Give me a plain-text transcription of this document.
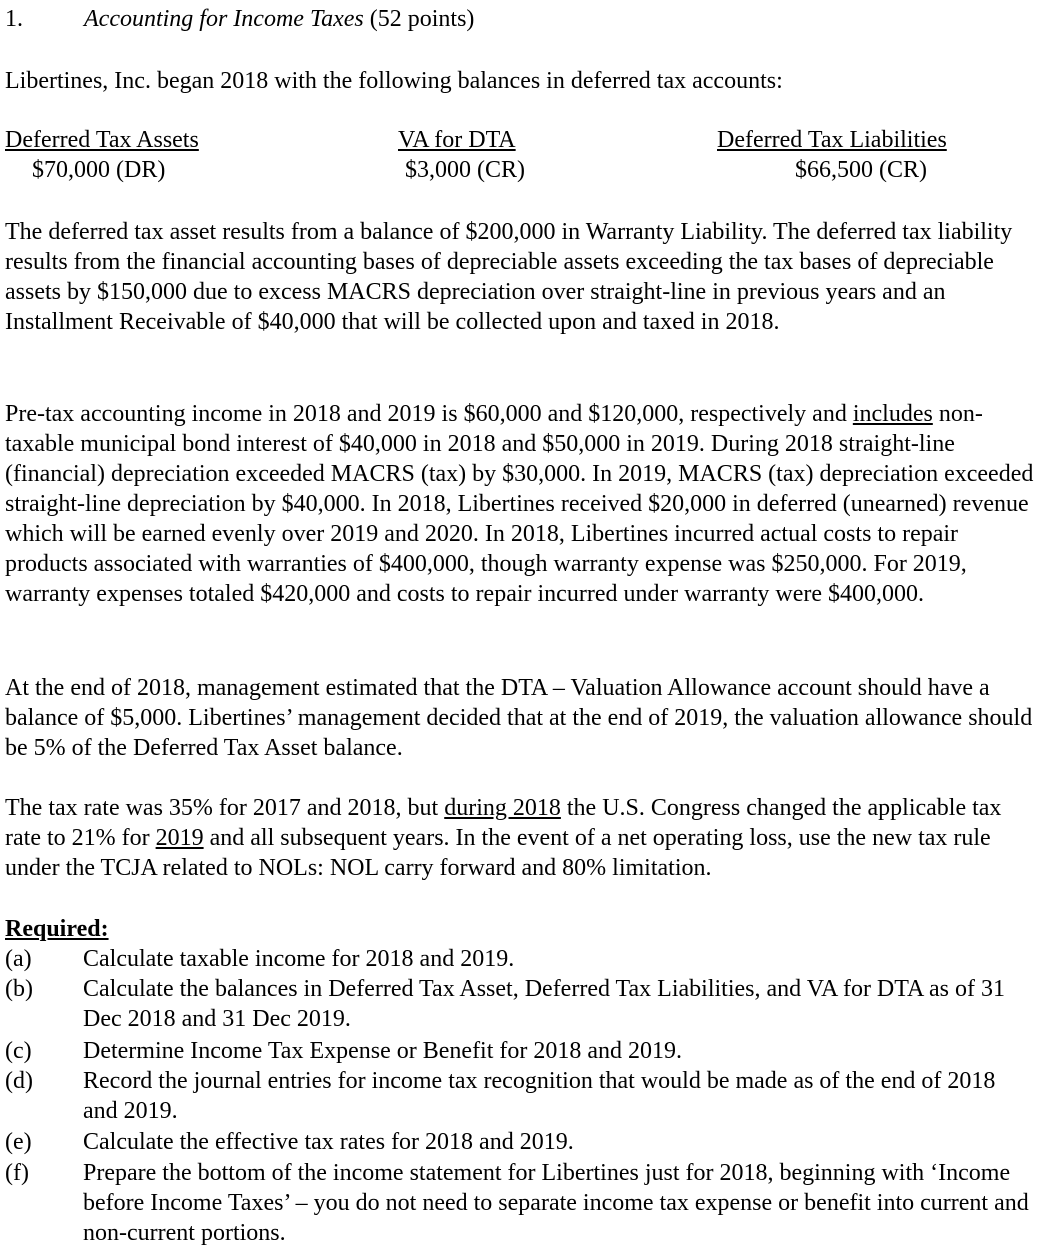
1.	Accounting for Income Taxes (52 points)
Libertines, Inc. began 2018 with the following balances in deferred tax accounts:
Deferred Tax Assets
$70,000 (DR)
VA for DTA
$3,000 (CR)
Deferred Tax Liabilities
$66,500 (CR)
The deferred tax asset results from a balance of $200,000 in Warranty Liability. The deferred tax liability results from the financial accounting bases of depreciable assets exceeding the tax bases of depreciable assets by $150,000 due to excess MACRS depreciation over straight-line in previous years and an Installment Receivable of $40,000 that will be collected upon and taxed in 2018.
Pre-tax accounting income in 2018 and 2019 is $60,000 and $120,000, respectively and includes non-taxable municipal bond interest of $40,000 in 2018 and $50,000 in 2019. During 2018 straight-line (financial) depreciation exceeded MACRS (tax) by $30,000. In 2019, MACRS (tax) depreciation exceeded straight-line depreciation by $40,000. In 2018, Libertines received $20,000 in deferred (unearned) revenue which will be earned evenly over 2019 and 2020. In 2018, Libertines incurred actual costs to repair products associated with warranties of $400,000, though warranty expense was $250,000. For 2019, warranty expenses totaled $420,000 and costs to repair incurred under warranty were $400,000.
At the end of 2018, management estimated that the DTA – Valuation Allowance account should have a balance of $5,000. Libertines’ management decided that at the end of 2019, the valuation allowance should be 5% of the Deferred Tax Asset balance.
The tax rate was 35% for 2017 and 2018, but during 2018 the U.S. Congress changed the applicable tax rate to 21% for 2019 and all subsequent years. In the event of a net operating loss, use the new tax rule under the TCJA related to NOLs: NOL carry forward and 80% limitation.
Required:
(a) Calculate taxable income for 2018 and 2019.
(b) Calculate the balances in Deferred Tax Asset, Deferred Tax Liabilities, and VA for DTA as of 31 Dec 2018 and 31 Dec 2019.
(c) Determine Income Tax Expense or Benefit for 2018 and 2019.
(d) Record the journal entries for income tax recognition that would be made as of the end of 2018 and 2019.
(e) Calculate the effective tax rates for 2018 and 2019.
(f) Prepare the bottom of the income statement for Libertines just for 2018, beginning with ‘Income before Income Taxes’ – you do not need to separate income tax expense or benefit into current and non-current portions.
